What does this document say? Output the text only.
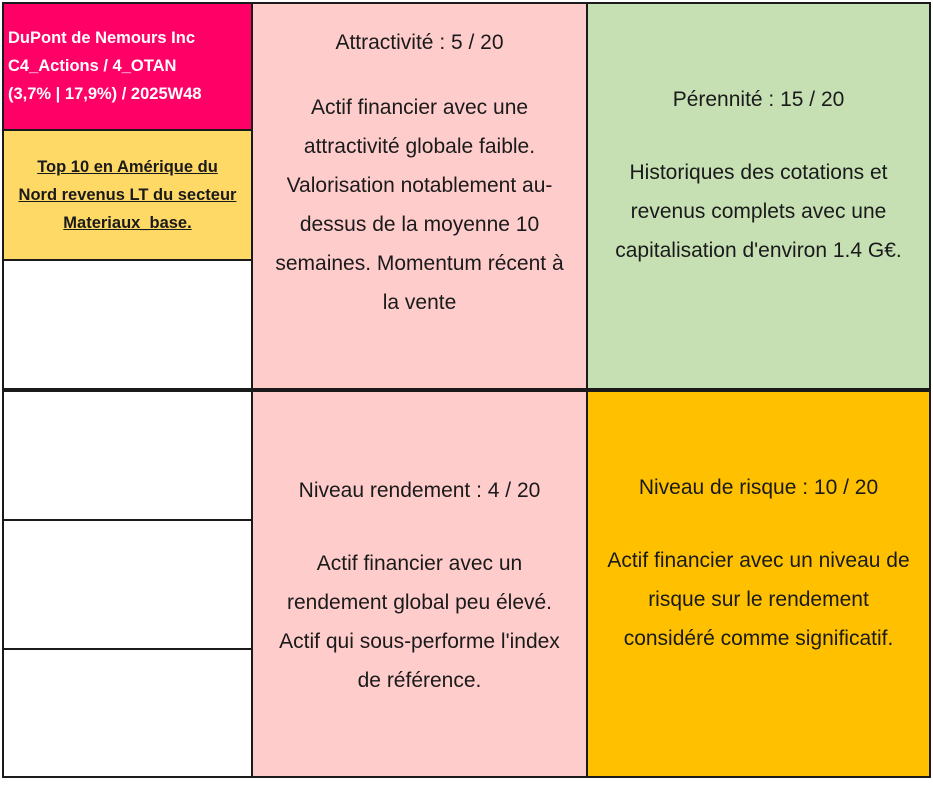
DuPont de Nemours Inc
C4_Actions / 4_OTAN
(3,7% | 17,9%) / 2025W48
Top 10 en Amérique du
Nord revenus LT du secteur
Materiaux_base.
Attractivité : 5 / 20
Actif financier avec une
attractivité globale faible.
Valorisation notablement au-
dessus de la moyenne 10
semaines. Momentum récent à
la vente
Pérennité : 15 / 20
Historiques des cotations et
revenus complets avec une
capitalisation d'environ 1.4 G€.
Niveau rendement : 4 / 20
Actif financier avec un
rendement global peu élevé.
Actif qui sous-performe l'index
de référence.
Niveau de risque : 10 / 20
Actif financier avec un niveau de
risque sur le rendement
considéré comme significatif.
